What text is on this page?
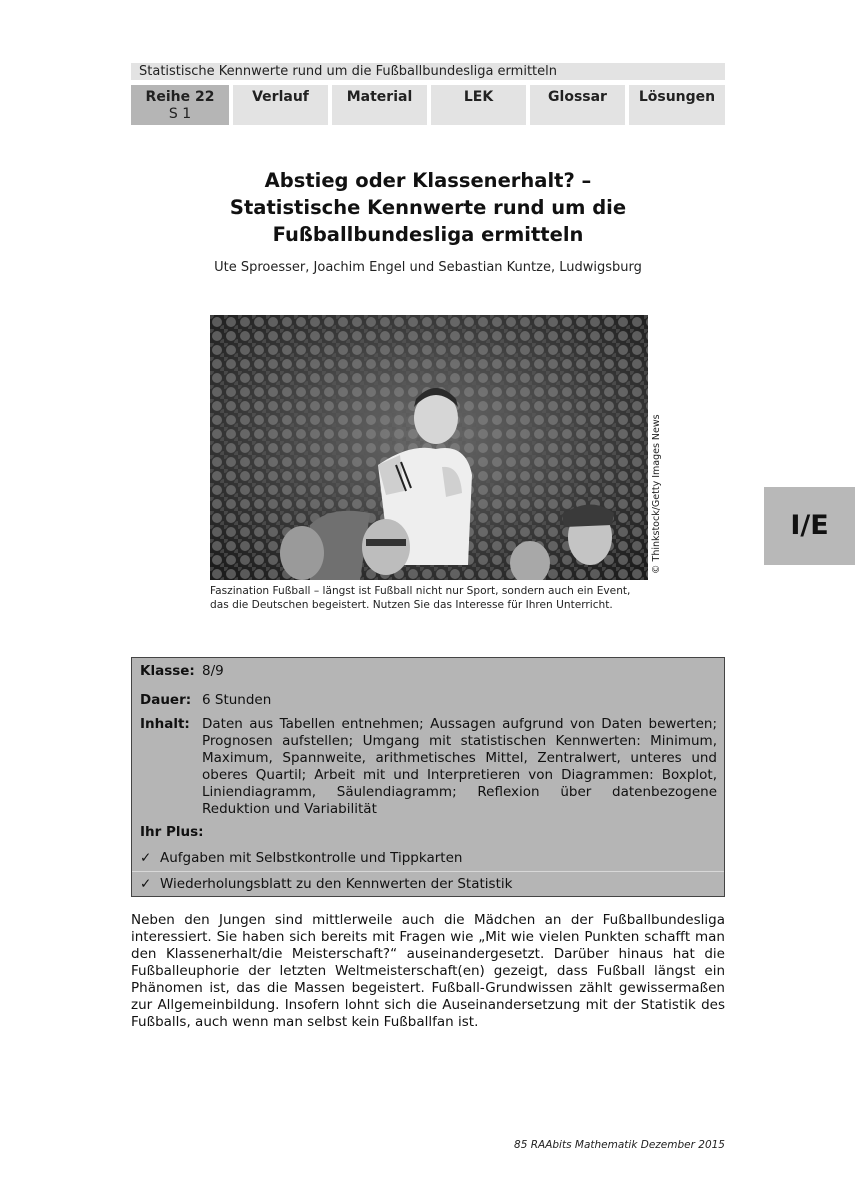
Statistische Kennwerte rund um die Fußballbundesliga ermitteln
Reihe 22
S 1
Verlauf	Material	LEK	Glossar	Lösungen
Abstieg oder Klassenerhalt? –
Statistische Kennwerte rund um die
Fußballbundesliga ermitteln
Ute Sproesser, Joachim Engel und Sebastian Kuntze, Ludwigsburg
© Thinkstock/Getty Images News
Faszination Fußball – längst ist Fußball nicht nur Sport, sondern auch ein Event,
das die Deutschen begeistert. Nutzen Sie das Interesse für Ihren Unterricht.
I/E
Klasse: 8/9
Dauer: 6 Stunden
Inhalt: Daten aus Tabellen entnehmen; Aussagen aufgrund von Daten bewerten; Prognosen aufstellen; Umgang mit statistischen Kennwerten: Minimum, Maximum, Spannweite, arithmetisches Mittel, Zentralwert, unteres und oberes Quartil; Arbeit mit und Interpretieren von Diagrammen: Boxplot, Liniendiagramm, Säulendiagramm; Reflexion über datenbezogene Reduktion und Variabilität
Ihr Plus:
✓ Aufgaben mit Selbstkontrolle und Tippkarten
✓ Wiederholungsblatt zu den Kennwerten der Statistik
Neben den Jungen sind mittlerweile auch die Mädchen an der Fußballbundesliga interessiert. Sie haben sich bereits mit Fragen wie „Mit wie vielen Punkten schafft man den Klassenerhalt/die Meisterschaft?“ auseinandergesetzt. Darüber hinaus hat die Fußballeuphorie der letzten Weltmeisterschaft(en) gezeigt, dass Fußball längst ein Phänomen ist, das die Massen begeistert. Fußball-Grundwissen zählt gewissermaßen zur Allgemeinbildung. Insofern lohnt sich die Auseinandersetzung mit der Statistik des Fußballs, auch wenn man selbst kein Fußballfan ist.
85 RAAbits Mathematik Dezember 2015
